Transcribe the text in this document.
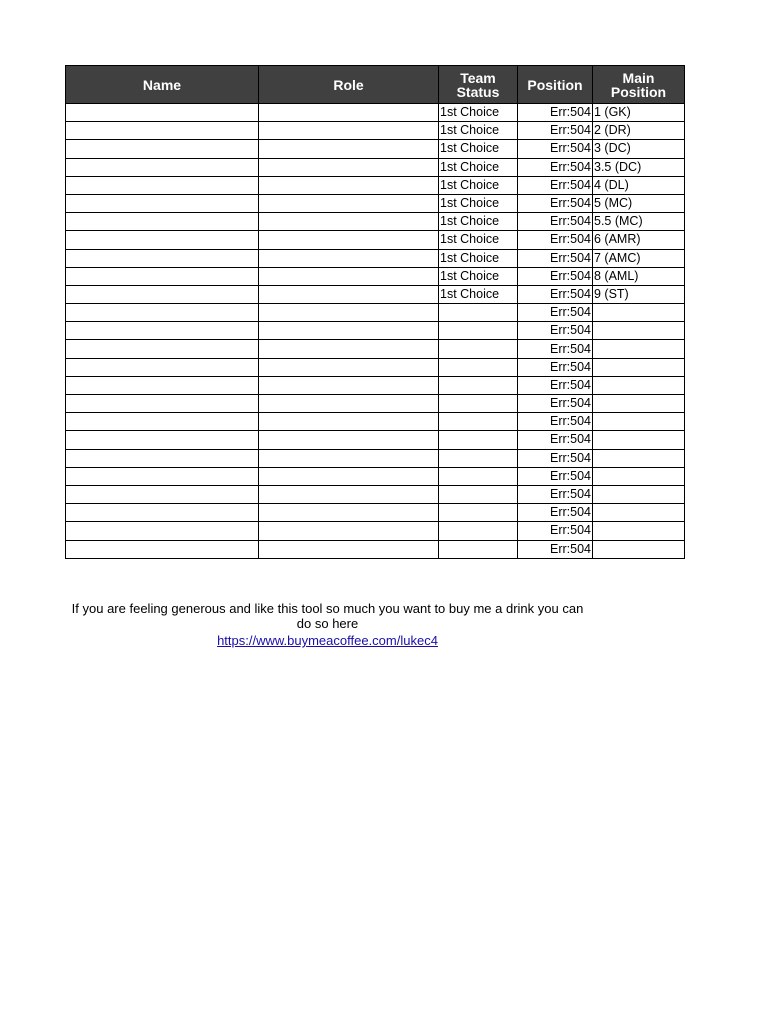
Name	Role	Team Status	Position	Main Position
		1st Choice	Err:504	1 (GK)
		1st Choice	Err:504	2 (DR)
		1st Choice	Err:504	3 (DC)
		1st Choice	Err:504	3.5 (DC)
		1st Choice	Err:504	4 (DL)
		1st Choice	Err:504	5 (MC)
		1st Choice	Err:504	5.5 (MC)
		1st Choice	Err:504	6 (AMR)
		1st Choice	Err:504	7 (AMC)
		1st Choice	Err:504	8 (AML)
		1st Choice	Err:504	9 (ST)
			Err:504	
			Err:504	
			Err:504	
			Err:504	
			Err:504	
			Err:504	
			Err:504	
			Err:504	
			Err:504	
			Err:504	
			Err:504	
			Err:504	
			Err:504	
			Err:504	
If you are feeling generous and like this tool so much you want to buy me a drink you can do so here
https://www.buymeacoffee.com/lukec4
